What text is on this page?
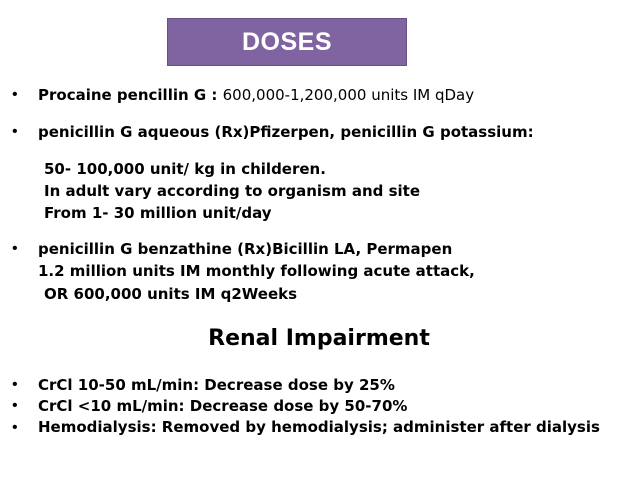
DOSES
• Procaine pencillin G : 600,000-1,200,000 units IM qDay
• penicillin G aqueous (Rx)Pfizerpen, penicillin G potassium:
50- 100,000 unit/ kg in childeren.
In adult vary according to organism and site
From 1- 30 million unit/day
• penicillin G benzathine (Rx)Bicillin LA, Permapen
1.2 million units IM monthly following acute attack,
OR 600,000 units IM q2Weeks
Renal Impairment
• CrCl 10-50 mL/min: Decrease dose by 25%
• CrCl <10 mL/min: Decrease dose by 50-70%
• Hemodialysis: Removed by hemodialysis; administer after dialysis
